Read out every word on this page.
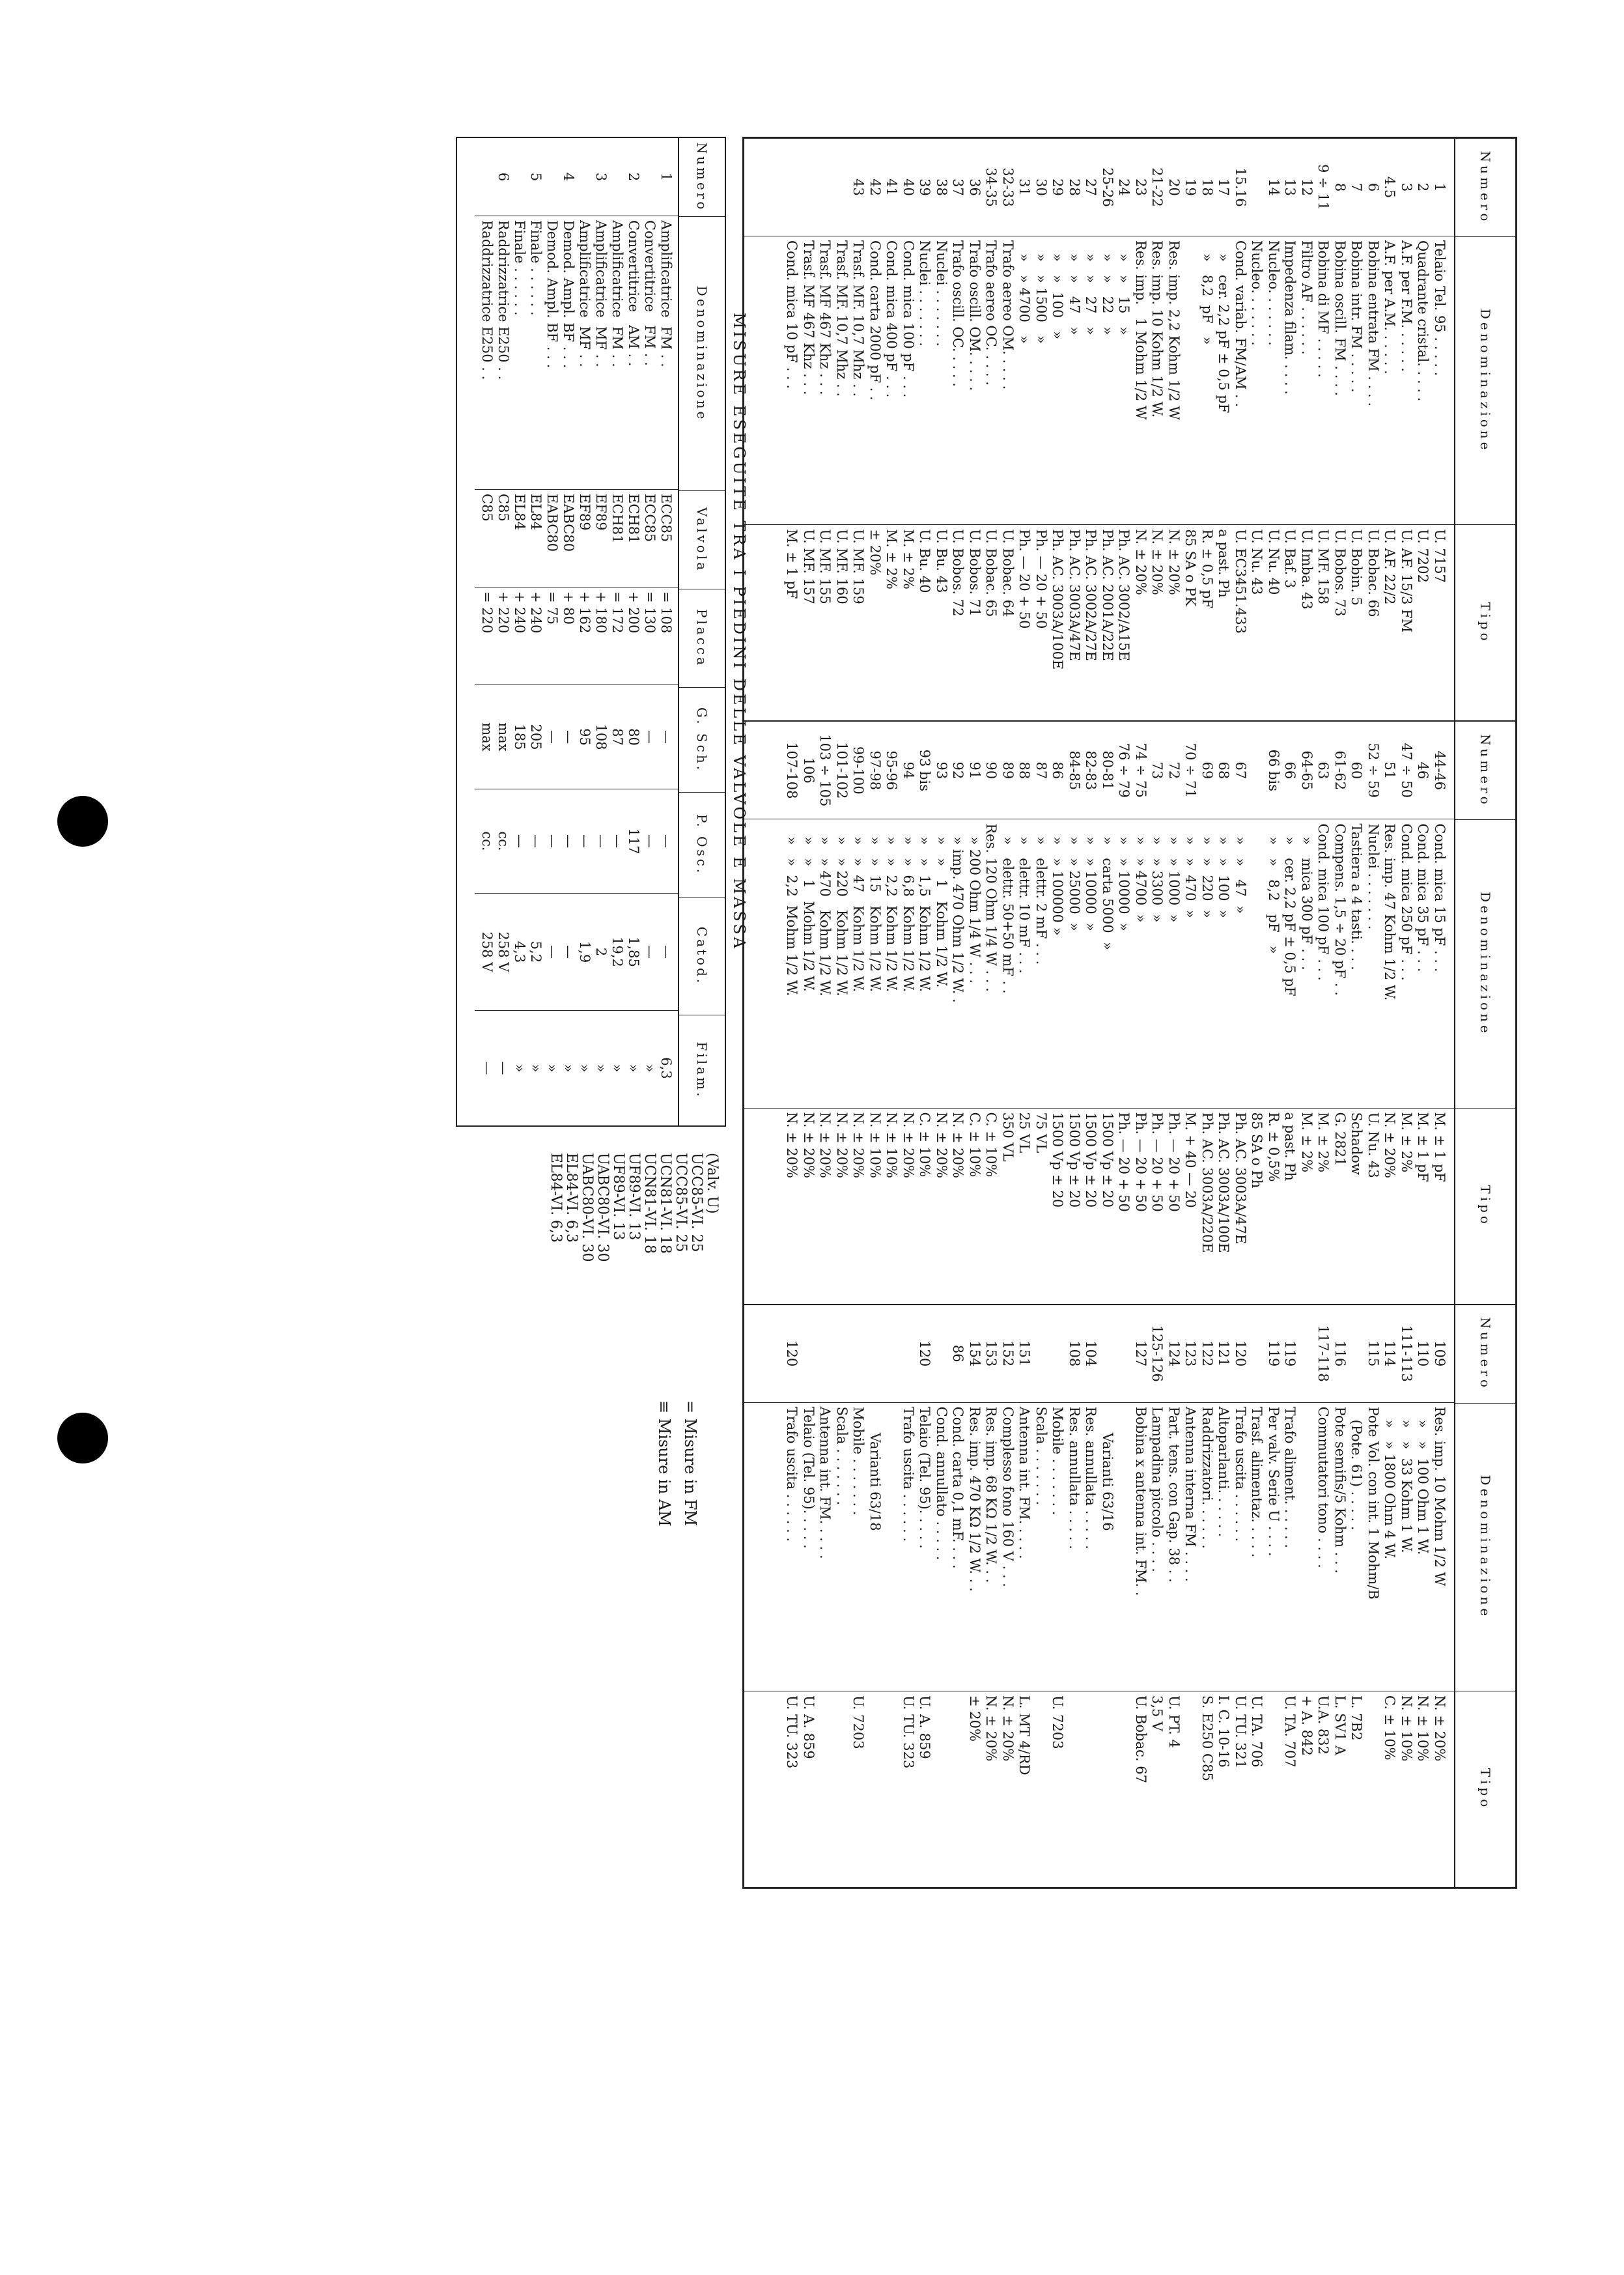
Numero
Denominazione
Tipo
1
2
3
4.5
6
7
8
9 ÷ 11
12
13
14
15.16
17
18
19
20
21-22
23
24
25-26
27
28
29
30
31
32-33
34-35
36
37
38
39
40
41
42
43
Telaio Tel. 95 . . . . .
Quadrante cristal. . . . .
A.F. per F.M. . . . . .
A.F. per A.M. . . . . .
Bobina entrata FM . . . .
Bobina intr. FM . . . . .
Bobina oscill. FM . . . .
Bobina di MF . . . . .
Filtro AF . . . . . .
Impedenza filam. . . . .
Nucleo. . . . . . .
Nucleo. . . . . . .
Cond. variab. FM/AM . .
»   cer. 2,2 pF ± 0,5 pF
»   8,2  pF   »
Res. imp. 2,2 Kohm 1/2 W
Res. imp. 10 Kohm 1/2 W.
Res. imp.   1 Mohm 1/2 W
»   »   15   »
»   »   22   »
»   »   27   »
»   »   47   »
»   »  100   »
»   » 1500   »
»   » 4700   »
Trafo aereo OM. . . . .
Trafo aereo OC. . . . .
Trafo oscill. OM. . . . .
Trafo oscill. OC. . . . .
Nuclei . . . . . . .
Nuclei . . . . . . .
Cond. mica 100 pF . . .
Cond. mica 400 pF . . .
Cond. carta 2000 pF . .
Trasf. MF. 10,7 Mhz . .
Trasf. MF. 10,7 Mhz . .
Trasf. MF 467 Khz . . .
Trasf. MF 467 Khz . . .
Cond. mica 10 pF . . .
U. 7157
U. 7202
U. AF. 15/3 FM
U. AF. 22/2
U. Bobac. 66
U. Bobin. 5
U. Bobos. 73
U. MF. 158
U. Imba. 43
U. Baf. 3
U. Nu. 40
U. Nu. 43
U. EC3451.433
a past. Ph
R. ± 0,5 pF
85 SA o PK
N. ± 20%
N. ± 20%
N. ± 20%
Ph. AC. 3002/A15E
Ph. AC. 2001A/22E
Ph. AC. 3002A/27E
Ph. AC. 3003A/47E
Ph. AC. 3003A/100E
Ph. — 20 + 50
Ph. — 20 + 50
U. Bobac. 64
U. Bobac. 65
U. Bobos. 71
U. Bobos. 72
U. Bu. 43
U. Bu. 40
M. ± 2%
M. ± 2%
± 20%
U. MF. 159
U. MF. 160
U. MF. 155
U. MF. 157
M. ± 1 pF
Numero
Denominazione
Tipo
44-46
46
47 ÷ 50
51
52 ÷ 59
60
61-62
63
64-65
66
66 bis
67
68
69
70 ÷ 71
72
73
74 ÷ 75
76 ÷ 79
80-81
82-83
84-85
86
87
88
89
90
91
92
93
93 bis
94
95-96
97-98
99-100
101-102
103 ÷ 105
106
107-108
Cond. mica 15 pF . . .
Cond. mica 35 pF . . .
Cond. mica 250 pF . . .
Res. imp. 47 Kohm 1/2 W.
Nuclei . . . . . . .
Tastiera a 4 tasti. . . .
Compens. 1,5 ÷ 20 pF . .
Cond. mica 100 pF . . .
»   mica 300 pF . . .
»   cer. 2,2 pF ± 0,5 pF
»   »   8,2   pF   »
»   »   47  »
»   »  100  »
»   »  220  »
»   »  470  »
»   » 1000  »
»   » 3300  »
»   » 4700  »
»   » 10000  »
»   carta 5000  »
»   » 10000  »
»   » 25000  »
»   » 100000 »
»   elettr. 2 mF . . .
»   elettr. 10 mF . . .
»   elettr. 50+50 mF . .
Res. 120 Ohm 1/4 W . . .
» 200 Ohm 1/4 W . . .
» imp. 470 Ohm 1/2 W. .
»   »   1   Kohm 1/2 W.
»   »  1,5  Kohm 1/2 W.
»   »  6,8  Kohm 1/2 W.
»   »  2,2  Kohm 1/2 W.
»   »  15   Kohm 1/2 W.
»   »  47   Kohm 1/2 W.
»   » 220   Kohm 1/2 W.
»   » 470   Kohm 1/2 W.
»   »   1   Mohm 1/2 W.
»   »  2,2  Mohm 1/2 W.
M. ± 1 pF
M. ± 1 pF
M. ± 2%
N. ± 20%
U. Nu. 43
Schadow
G. 2821
M. ± 2%
M. ± 2%
a past. Ph
R. ± 0,5%
85 SA o Ph
Ph. AC. 3003A/47E
Ph. AC. 3003A/100E
Ph. AC. 3003A/220E
M. + 40 — 20
Ph. — 20 + 50
Ph. — 20 + 50
Ph. — 20 + 50
Ph. — 20 + 50
1500 Vp ± 20
1500 Vp ± 20
1500 Vp ± 20
1500 Vp ± 20
75 VL
25 VL
350 VL
C. ± 10%
C. ± 10%
N. ± 20%
N. ± 20%
C. ± 10%
N. ± 20%
N. ± 10%
N. ± 10%
N. ± 20%
N. ± 20%
N. ± 20%
N. ± 20%
N. ± 20%
Numero
Denominazione
Tipo
109
110
111-113
114
115
116
117-118
119
119
120
121
122
123
124
125-126
127
104
108
151
152
153
154
86
120
120
Res. imp. 10 Mohm 1/2 W
»   »  100 Ohm 1 W.
»   »  33 Kohm 1 W.
»   » 1800 Ohm 4 W.
Pote Vol. con int. 1 Mohm/B
(Pote. 61) . . . . .
Pote semifis/5 Kohm . . .
Commutatori tono . . . .
Trafo aliment. . . . . .
Per valv. Serie U . . . .
Trasf. alimentaz. . . . .
Trafo uscita . . . . . .
Altoparlanti. . . . . .
Raddrizzatori. . . . . .
Antenna interna FM . . . .
Part. tens. con Gap. 38 . .
Lampadina piccolo . . . .
Bobina x antenna int. FM. .
Varianti 63/16
Res. annullata . . . . .
Res. annullata . . . . .
Mobile . . . . . . .
Scala . . . . . . .
Antenna int. FM. . . . .
Complesso fono 160 V . . .
Res. imp. 68 KΩ 1/2 W. . .
Res. imp. 470 KΩ 1/2 W. . .
Cond. carta 0,1 mF. . . .
Cond. annullato . . . . .
Telaio (Tel. 95). . . . .
Trafo uscita . . . . . .
Varianti 63/18
Mobile . . . . . . .
Scala . . . . . . .
Antenna int. FM. . . . .
Telaio (Tel. 95). . . . .
Trafo uscita . . . . . .
N. ± 20%
N. ± 10%
N. ± 10%
C. ± 10%
L. 7B2
L. SV1 A
U.A. 832
+ A. 842
U. TA. 707
U. TA. 706
U. TU. 321
I. C. 10-16
S. E250 C85
U. PT. 4
3,5 V
U. Bobac. 67
U. 7203
L. MT 4/RD
N. ± 20%
N. ± 20%
± 20%
U. A. 859
U. TU. 323
U. 7203
U. A. 859
U. TU. 323
MISURE ESEGUITE TRA I PIEDINI DELLE VALVOLE E MASSA
Numero
Denominazione
Valvola
Placca
G. Sch.
P. Osc.
Catod.
Filam.
1

2

3

4

5

6
Amplificatrice  FM . .
Convertitrice   FM . .
Convertitrice   AM . .
Amplificatrice  FM . .
Amplificatrice  MF . .
Amplificatrice  MF . .
Demod. Ampl. BF . . .
Demod. Ampl. BF . . .
Finale . . . . . .
Finale . . . . . .
Raddrizzatrice E250 . .
Raddrizzatrice E250 . .
ECC85
ECC85
ECH81
ECH81
EF89
EF89
EABC80
EABC80
EL84
EL84
C85
C85
= 108
= 130
+ 200
= 172
+ 180
+ 162
+ 80
= 75
+ 240
+ 240
+ 220
= 220
—
—
80
87
108
95
—
—
205
185
max
max
—
—
117
—
—
—
—
—
—
—
cc.
cc.
—
—
1,85
19,2
2
1,9
—
—
5,2
4,3
258 V
258 V
6,3
»
»
»
»
»
»
»
»
»
—
—
(Valv. U)
UCC85-VI. 25
UCC85-VI. 25
UCN81-VI. 18
UCN81-VI. 18
UF89-VI. 13
UF89-VI. 13
UABC80-VI. 30
UABC80-VI. 30
EL84-VI. 6,3
EL84-VI. 6,3
= Misure in FM
≡ Misure in AM
